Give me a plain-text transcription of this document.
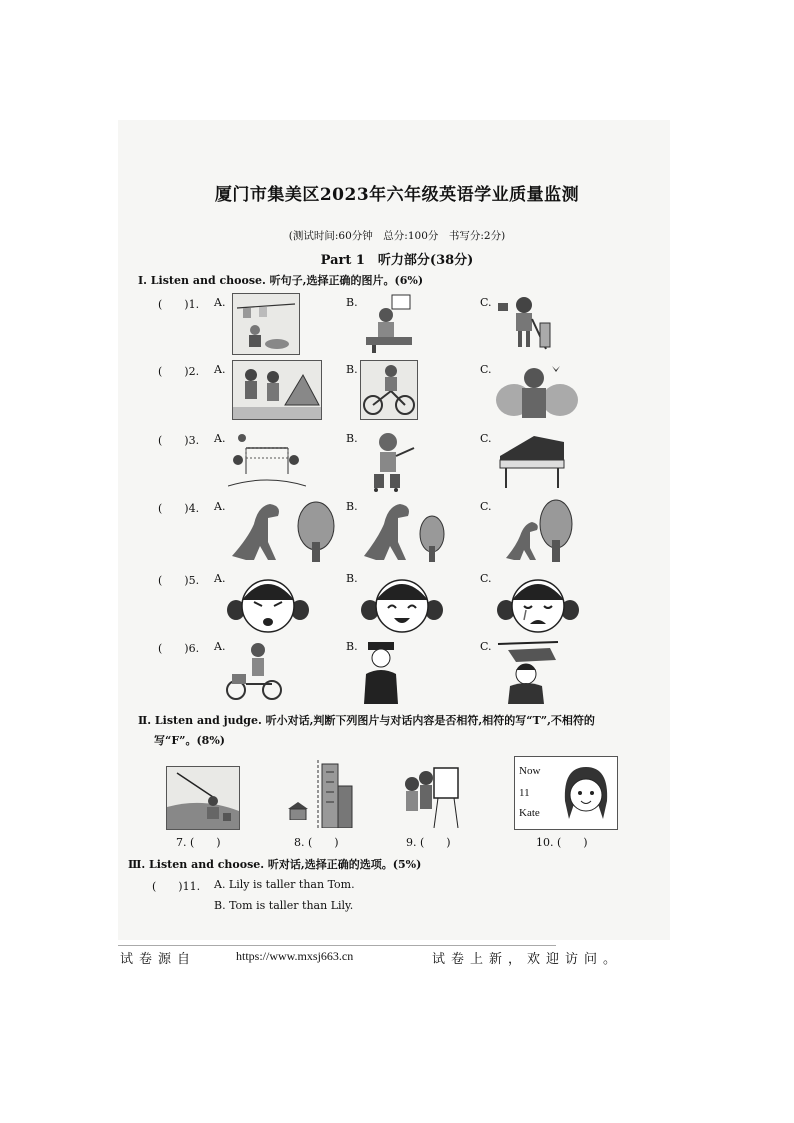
厦门市集美区2023年六年级英语学业质量监测
(测试时间:60分钟　总分:100分　书写分:2分)
Part 1　听力部分(38分)
Ⅰ. Listen and choose. 听句子,选择正确的图片。(6%)
(　　)1. A.	B.	C.
(　　)2. A.	B.	C.
(　　)3. A.	B.	C.
(　　)4. A.	B.	C.
(　　)5. A.	B.	C.
(　　)6. A.	B.	C.
Ⅱ. Listen and judge. 听小对话,判断下列图片与对话内容是否相符,相符的写“T”,不相符的
写“F”。(8%)
Now
11
Kate
7. (　　)	8. (　　)	9. (　　)	10. (　　)
Ⅲ. Listen and choose. 听对话,选择正确的选项。(5%)
(　　)11. A. Lily is taller than Tom.
B. Tom is taller than Lily.
试卷源自	https://www.mxsj663.cn	试卷上新，欢迎访问。
